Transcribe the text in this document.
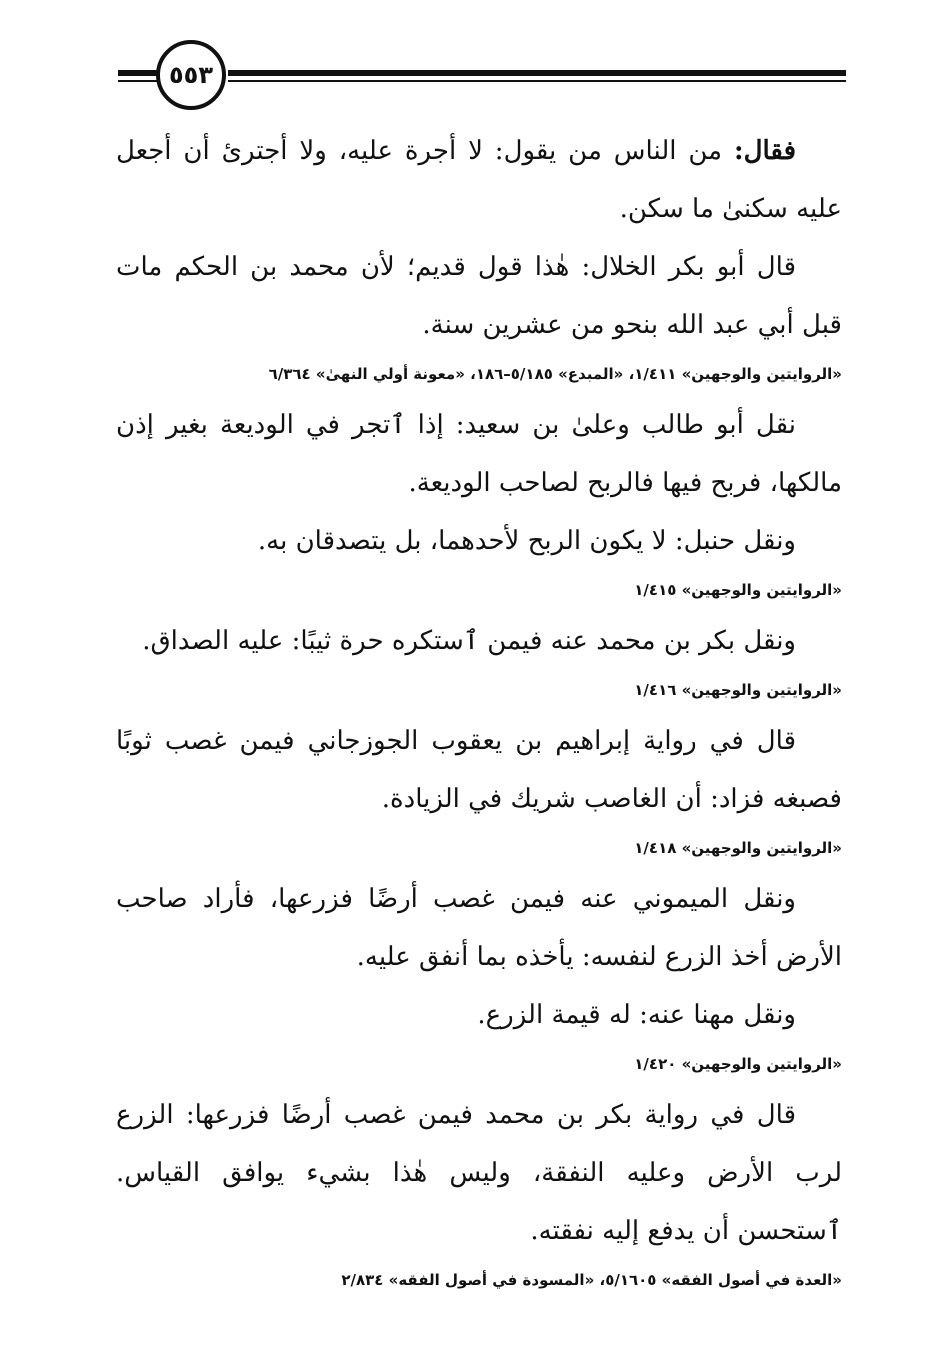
٥٥٣

فقال: من الناس من يقول: لا أجرة عليه، ولا أجترئ أن أجعل عليه سكنىٰ ما سكن.

قال أبو بكر الخلال: هٰذا قول قديم؛ لأن محمد بن الحكم مات قبل أبي عبد الله بنحو من عشرين سنة.

«الروايتين والوجهين» ١/٤١١، «المبدع» ٥/١٨٥–١٨٦، «معونة أولي النهىٰ» ٦/٣٦٤

نقل أبو طالب وعلىٰ بن سعيد: إذا ٱتجر في الوديعة بغير إذن مالكها، فربح فيها فالربح لصاحب الوديعة.

ونقل حنبل: لا يكون الربح لأحدهما، بل يتصدقان به.

«الروايتين والوجهين» ١/٤١٥

ونقل بكر بن محمد عنه فيمن ٱستكره حرة ثيبًا: عليه الصداق.

«الروايتين والوجهين» ١/٤١٦

قال في رواية إبراهيم بن يعقوب الجوزجاني فيمن غصب ثوبًا فصبغه فزاد: أن الغاصب شريك في الزيادة.

«الروايتين والوجهين» ١/٤١٨

ونقل الميموني عنه فيمن غصب أرضًا فزرعها، فأراد صاحب الأرض أخذ الزرع لنفسه: يأخذه بما أنفق عليه.

ونقل مهنا عنه: له قيمة الزرع.

«الروايتين والوجهين» ١/٤٢٠

قال في رواية بكر بن محمد فيمن غصب أرضًا فزرعها: الزرع لرب الأرض وعليه النفقة، وليس هٰذا بشيء يوافق القياس. ٱستحسن أن يدفع إليه نفقته.

«العدة في أصول الفقه» ٥/١٦٠٥، «المسودة في أصول الفقه» ٢/٨٣٤
